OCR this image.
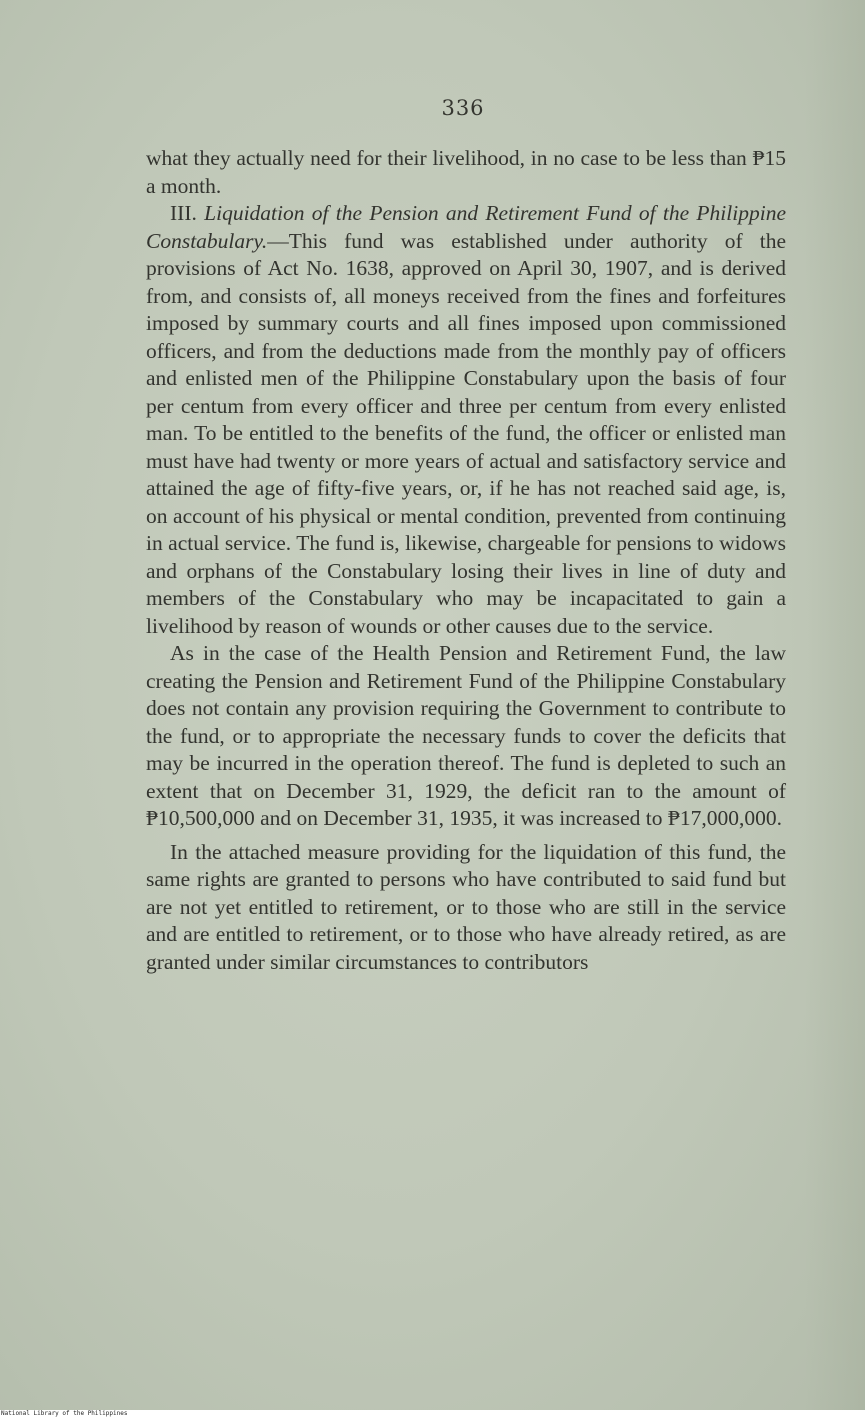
336

what they actually need for their livelihood, in no case to be less than ₱15 a month.

III. Liquidation of the Pension and Retirement Fund of the Philippine Constabulary.—This fund was established under authority of the provisions of Act No. 1638, approved on April 30, 1907, and is derived from, and consists of, all moneys received from the fines and forfeitures imposed by summary courts and all fines imposed upon commissioned officers, and from the deductions made from the monthly pay of officers and enlisted men of the Philippine Constabulary upon the basis of four per centum from every officer and three per centum from every enlisted man. To be entitled to the benefits of the fund, the officer or enlisted man must have had twenty or more years of actual and satisfactory service and attained the age of fifty-five years, or, if he has not reached said age, is, on account of his physical or mental condition, prevented from continuing in actual service. The fund is, likewise, chargeable for pensions to widows and orphans of the Constabulary losing their lives in line of duty and members of the Constabulary who may be incapacitated to gain a livelihood by reason of wounds or other causes due to the service.

As in the case of the Health Pension and Retirement Fund, the law creating the Pension and Retirement Fund of the Philippine Constabulary does not contain any provision requiring the Government to contribute to the fund, or to appropriate the necessary funds to cover the deficits that may be incurred in the operation thereof. The fund is depleted to such an extent that on December 31, 1929, the deficit ran to the amount of ₱10,500,000 and on December 31, 1935, it was increased to ₱17,000,000.

In the attached measure providing for the liquidation of this fund, the same rights are granted to persons who have contributed to said fund but are not yet entitled to retirement, or to those who are still in the service and are entitled to retirement, or to those who have already retired, as are granted under similar circumstances to contributors

National Library of the Philippines
